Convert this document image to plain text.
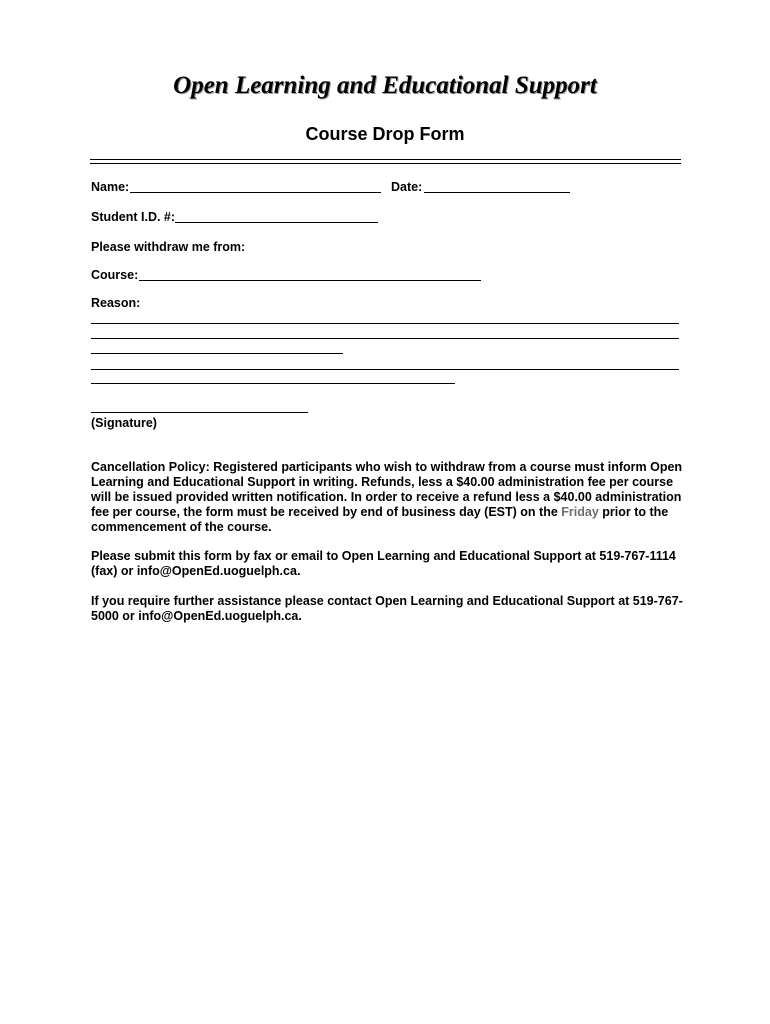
Open Learning and Educational Support
Course Drop Form
Name:	Date:
Student I.D. #:
Please withdraw me from:
Course:
Reason:
(Signature)

Cancellation Policy: Registered participants who wish to withdraw from a course must inform Open Learning and Educational Support in writing. Refunds, less a $40.00 administration fee per course will be issued provided written notification. In order to receive a refund less a $40.00 administration fee per course, the form must be received by end of business day (EST) on the Friday prior to the commencement of the course.

Please submit this form by fax or email to Open Learning and Educational Support at 519-767-1114 (fax) or info@OpenEd.uoguelph.ca.

If you require further assistance please contact Open Learning and Educational Support at 519-767-5000 or info@OpenEd.uoguelph.ca.
